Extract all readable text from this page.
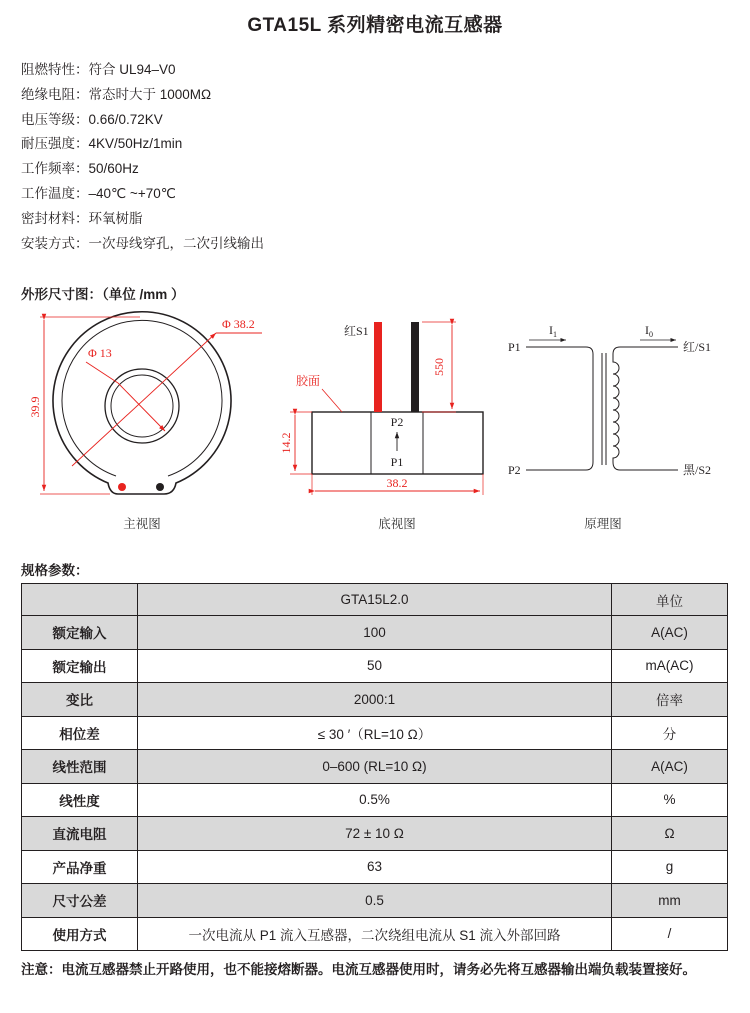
GTA15L 系列精密电流互感器
阻燃特性：符合 UL94–V0
绝缘电阻：常态时大于 1000MΩ
电压等级：0.66/0.72KV
耐压强度：4KV/50Hz/1min
工作频率：50/60Hz
工作温度：–40℃ ~+70℃
密封材料：环氧树脂
安装方式：一次母线穿孔，二次引线输出
外形尺寸图：（单位 /mm ）
Φ 38.2
Φ 13
39.9
主视图
红S1
550
胶面
14.2
38.2
P2
P1
底视图
P1
P2
$I_1$	$I_0$
红/S1
黑/S2
原理图
规格参数：
	GTA15L2.0	单位
额定输入	100	A(AC)
额定输出	50	mA(AC)
变比	2000:1	倍率
相位差	≤ 30 ′（RL=10 Ω）	分
线性范围	0–600 (RL=10 Ω)	A(AC)
线性度	0.5%	%
直流电阻	72 ± 10 Ω	Ω
产品净重	63	g
尺寸公差	0.5	mm
使用方式	一次电流从 P1 流入互感器，二次绕组电流从 S1 流入外部回路	/
注意：电流互感器禁止开路使用，也不能接熔断器。电流互感器使用时，请务必先将互感器输出端负载装置接好。
